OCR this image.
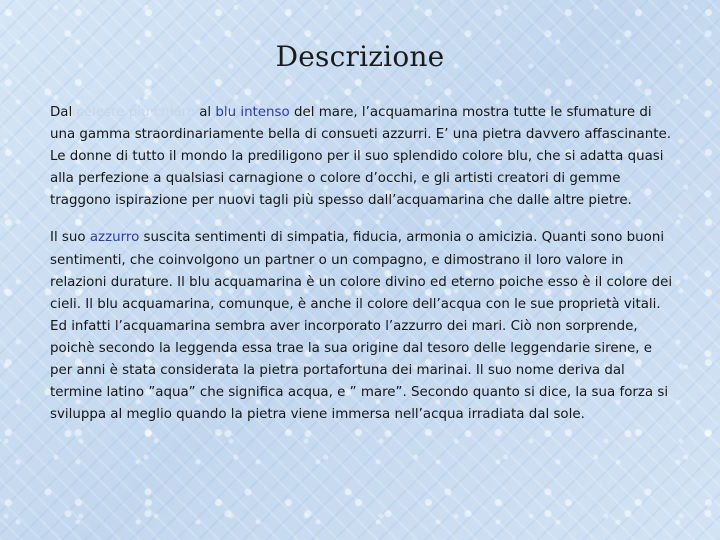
Descrizione

Dal celeste più chiaro al blu intenso del mare, l’acquamarina mostra tutte le sfumature di una gamma straordinariamente bella di consueti azzurri. E’ una pietra davvero affascinante. Le donne di tutto il mondo la prediligono per il suo splendido colore blu, che si adatta quasi alla perfezione a qualsiasi carnagione o colore d’occhi, e gli artisti creatori di gemme traggono ispirazione per nuovi tagli più spesso dall’acquamarina che dalle altre pietre.

Il suo azzurro suscita sentimenti di simpatia, fiducia, armonia o amicizia. Quanti sono buoni sentimenti, che coinvolgono un partner o un compagno, e dimostrano il loro valore in relazioni durature. Il blu acquamarina è un colore divino ed eterno poiche esso è il colore dei cieli. Il blu acquamarina, comunque, è anche il colore dell’acqua con le sue proprietà vitali. Ed infatti l’acquamarina sembra aver incorporato l’azzurro dei mari. Ciò non sorprende, poichè secondo la leggenda essa trae la sua origine dal tesoro delle leggendarie sirene, e per anni è stata considerata la pietra portafortuna dei marinai. Il suo nome deriva dal termine latino ”aqua” che significa acqua, e ” mare”. Secondo quanto si dice, la sua forza si sviluppa al meglio quando la pietra viene immersa nell’acqua irradiata dal sole.
